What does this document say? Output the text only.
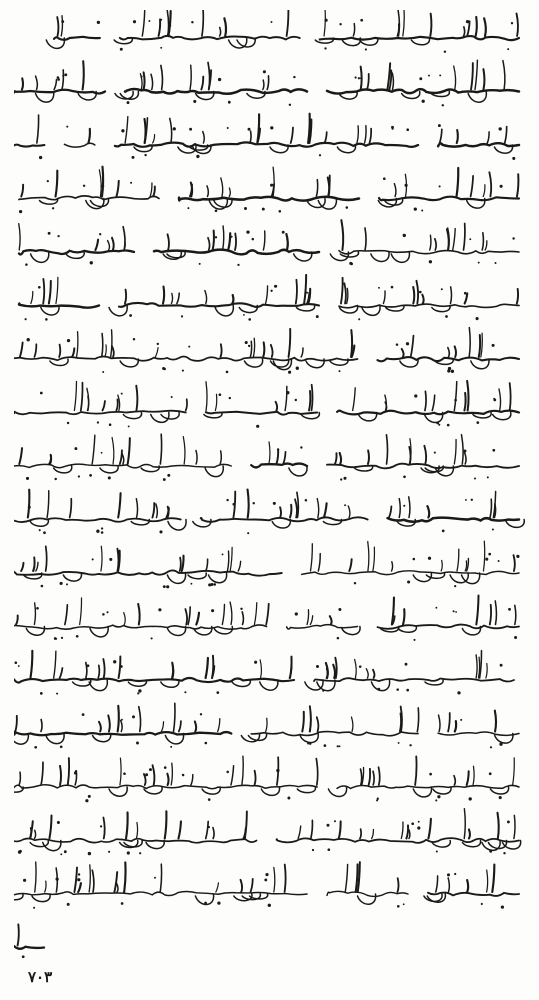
۷۰۳
